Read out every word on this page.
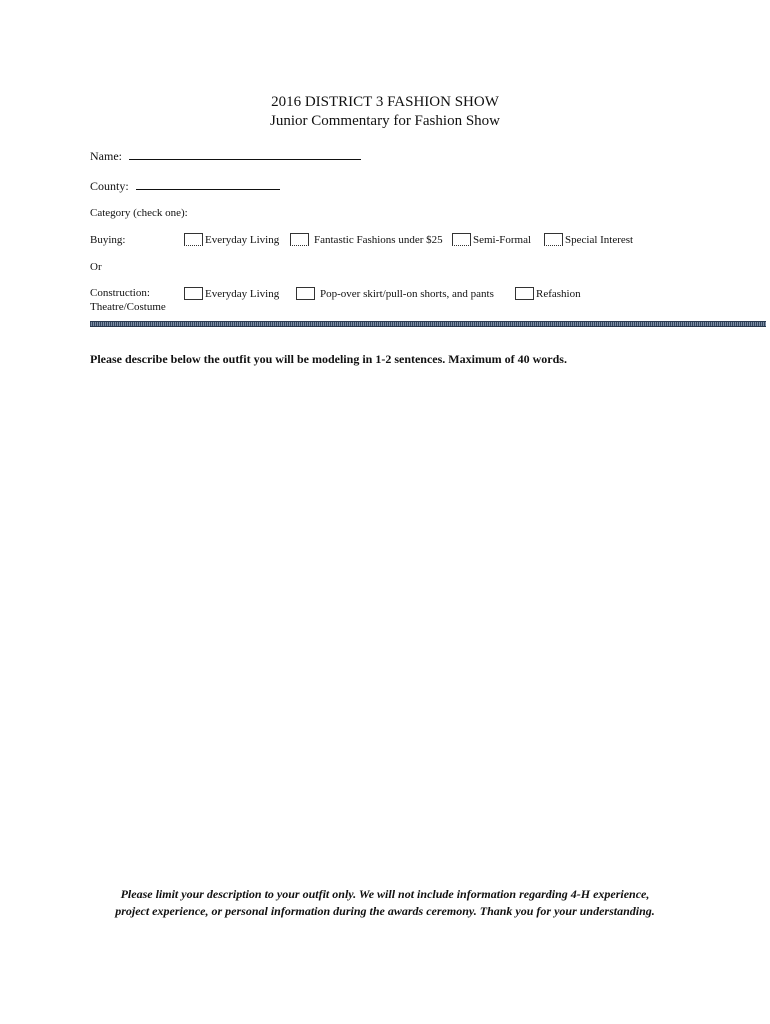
2016 DISTRICT 3 FASHION SHOW
Junior Commentary for Fashion Show
Name:
County:
Category (check one):
Buying:	Everyday Living	Fantastic Fashions under $25	Semi-Formal	Special Interest
Or
Construction:
Theatre/Costume
Everyday Living	Pop-over skirt/pull-on shorts, and pants	Refashion
Please describe below the outfit you will be modeling in 1-2 sentences. Maximum of 40 words.
Please limit your description to your outfit only. We will not include information regarding 4-H experience,
project experience, or personal information during the awards ceremony. Thank you for your understanding.
